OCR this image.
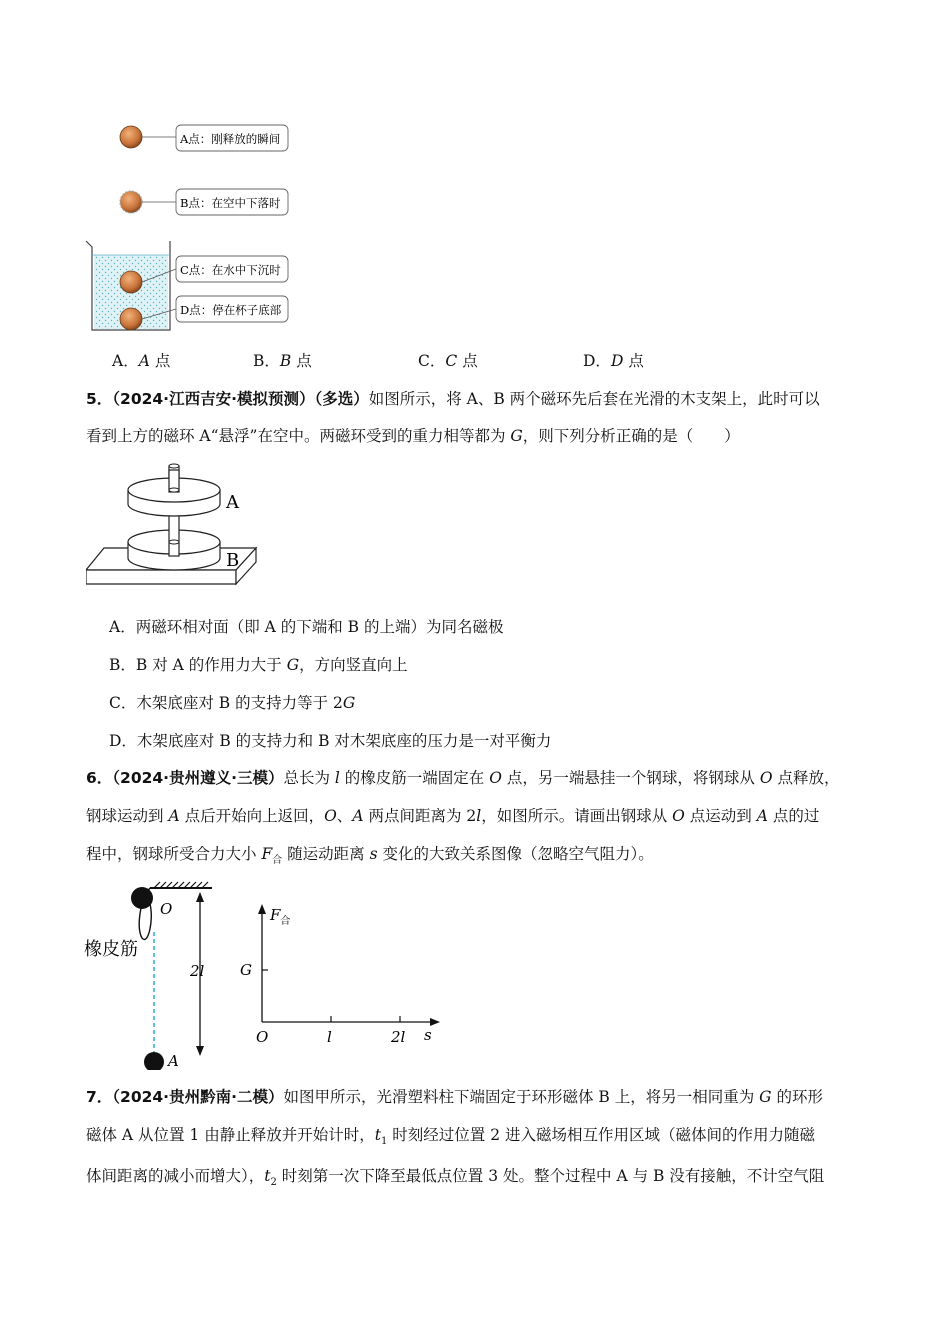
A点：刚释放的瞬间
B点：在空中下落时
C点：在水中下沉时
D点：停在杯子底部
A．A 点	B．B 点	C．C 点	D．D 点
5．（2024·江西吉安·模拟预测）（多选）如图所示，将 A、B 两个磁环先后套在光滑的木支架上，此时可以
看到上方的磁环 A“悬浮”在空中。两磁环受到的重力相等都为 G，则下列分析正确的是（　　）
A
B
A．两磁环相对面（即 A 的下端和 B 的上端）为同名磁极
B．B 对 A 的作用力大于 G，方向竖直向上
C．木架底座对 B 的支持力等于 2G
D．木架底座对 B 的支持力和 B 对木架底座的压力是一对平衡力
6．（2024·贵州遵义·三模）总长为 l 的橡皮筋一端固定在 O 点，另一端悬挂一个钢球，将钢球从 O 点释放，
钢球运动到 A 点后开始向上返回，O、A 两点间距离为 2l，如图所示。请画出钢球从 O 点运动到 A 点的过
程中，钢球所受合力大小 $F_合$ 随运动距离 s 变化的大致关系图像（忽略空气阻力）。
O
A
橡皮筋
2l
$F_合$
G
O	l	2l s
7．（2024·贵州黔南·二模）如图甲所示，光滑塑料柱下端固定于环形磁体 B 上，将另一相同重为 G 的环形
磁体 A 从位置 1 由静止释放并开始计时，$t_1$ 时刻经过位置 2 进入磁场相互作用区域（磁体间的作用力随磁
体间距离的减小而增大），$t_2$ 时刻第一次下降至最低点位置 3 处。整个过程中 A 与 B 没有接触，不计空气阻
